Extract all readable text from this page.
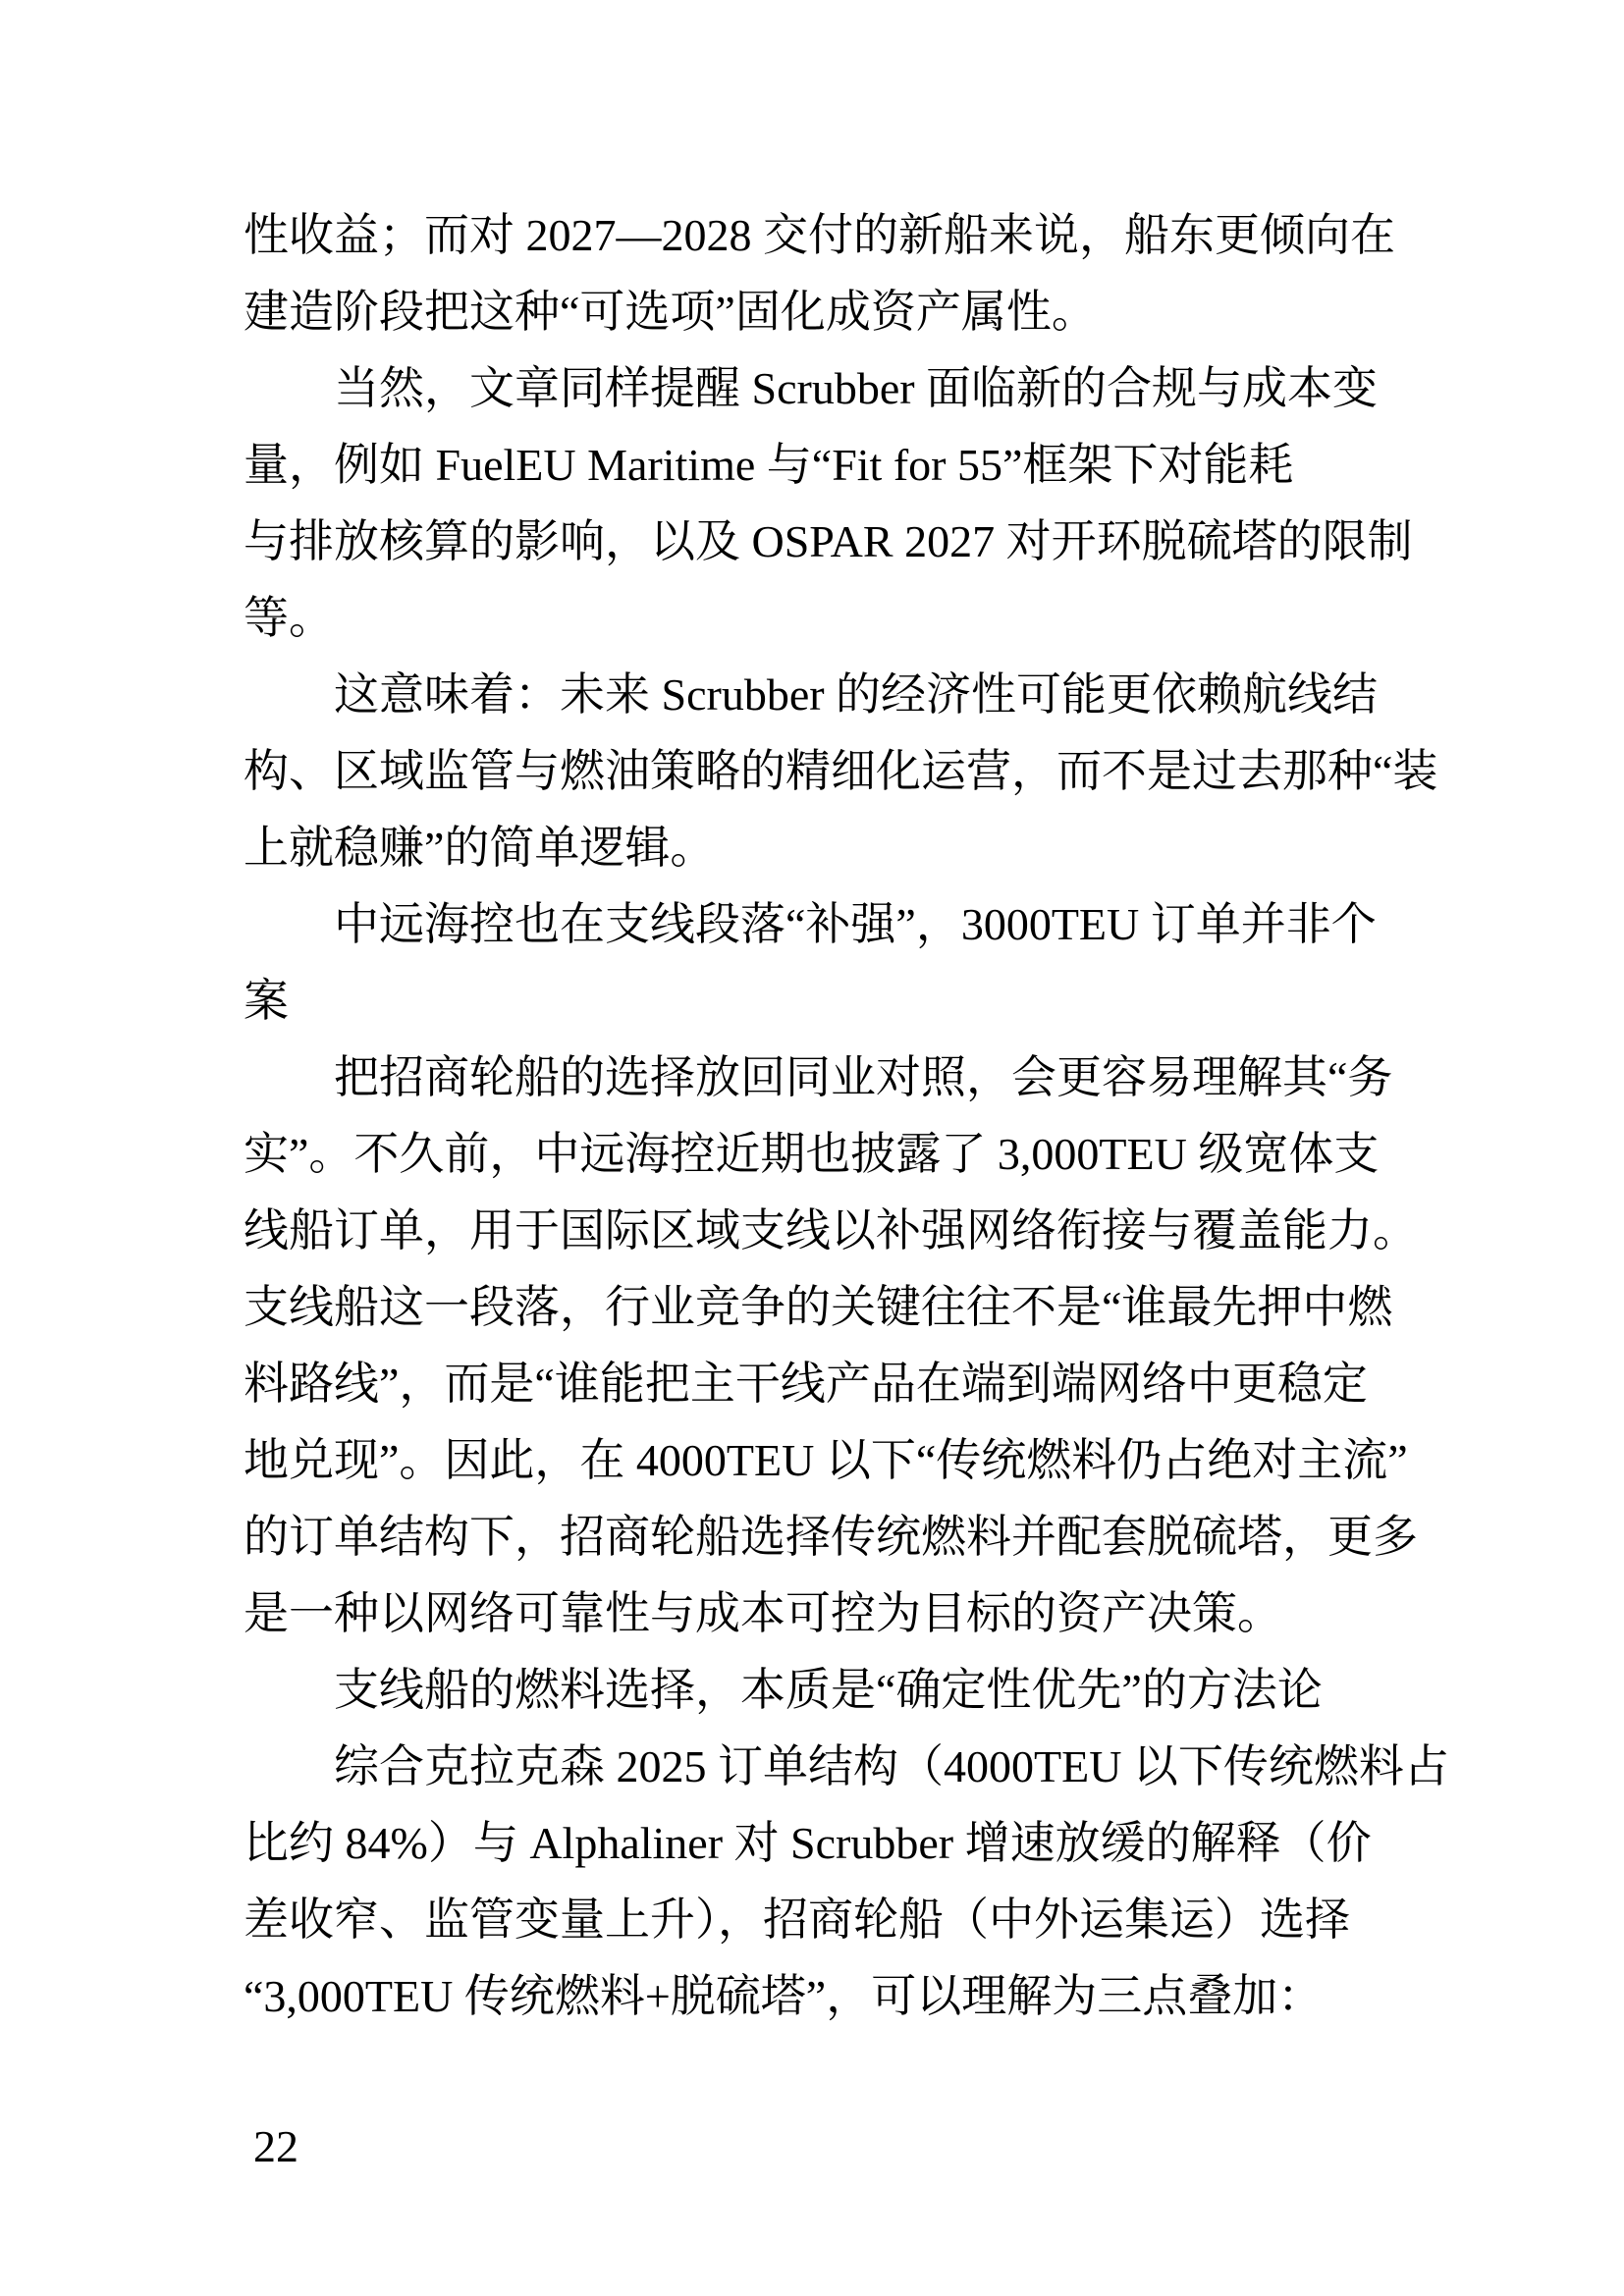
性收益；而对 2027—2028 交付的新船来说，船东更倾向在
建造阶段把这种“可选项”固化成资产属性。
当然，文章同样提醒 Scrubber 面临新的合规与成本变
量，例如 FuelEU Maritime 与“Fit for 55”框架下对能耗
与排放核算的影响，以及 OSPAR 2027 对开环脱硫塔的限制
等。
这意味着：未来 Scrubber 的经济性可能更依赖航线结
构、区域监管与燃油策略的精细化运营，而不是过去那种“装
上就稳赚”的简单逻辑。
中远海控也在支线段落“补强”，3000TEU 订单并非个
案
把招商轮船的选择放回同业对照，会更容易理解其“务
实”。不久前，中远海控近期也披露了 3,000TEU 级宽体支
线船订单，用于国际区域支线以补强网络衔接与覆盖能力。
支线船这一段落，行业竞争的关键往往不是“谁最先押中燃
料路线”，而是“谁能把主干线产品在端到端网络中更稳定
地兑现”。因此，在 4000TEU 以下“传统燃料仍占绝对主流”
的订单结构下，招商轮船选择传统燃料并配套脱硫塔，更多
是一种以网络可靠性与成本可控为目标的资产决策。
支线船的燃料选择，本质是“确定性优先”的方法论
综合克拉克森 2025 订单结构（4000TEU 以下传统燃料占
比约 84%）与 Alphaliner 对 Scrubber 增速放缓的解释（价
差收窄、监管变量上升），招商轮船（中外运集运）选择
“3,000TEU 传统燃料+脱硫塔”，可以理解为三点叠加：
22
